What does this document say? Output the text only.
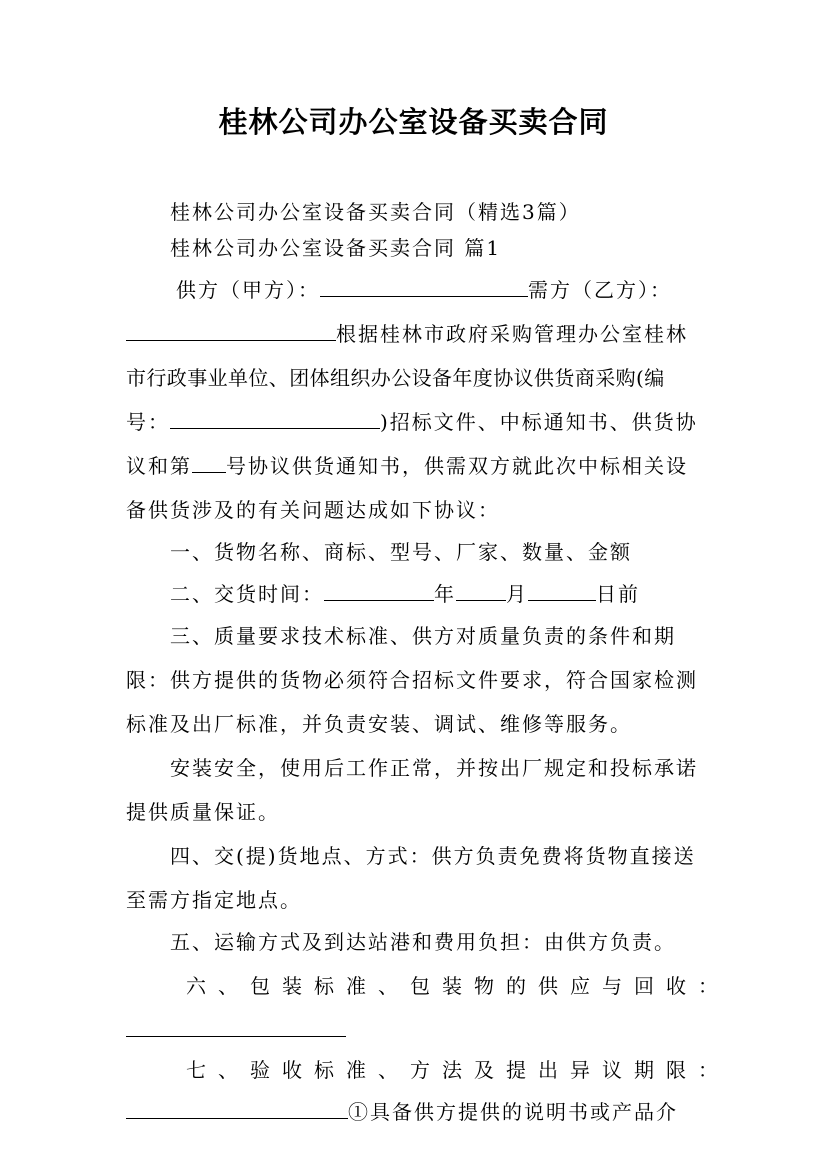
桂林公司办公室设备买卖合同
桂林公司办公室设备买卖合同（精选3篇）
桂林公司办公室设备买卖合同 篇1
供方（甲方）：	需方（乙方）：
根据桂林市政府采购管理办公室桂林
市行政事业单位、团体组织办公设备年度协议供货商采购(编
号：	)招标文件、中标通知书、供货协
议和第 号协议供货通知书，供需双方就此次中标相关设
备供货涉及的有关问题达成如下协议：
一、货物名称、商标、型号、厂家、数量、金额
二、交货时间：	年	月	日前
三、质量要求技术标准、供方对质量负责的条件和期限：供方提供的货物必须符合招标文件要求，符合国家检测标准及出厂标准，并负责安装、调试、维修等服务。
安装安全，使用后工作正常，并按出厂规定和投标承诺提供质量保证。
四、交(提)货地点、方式：供方负责免费将货物直接送至需方指定地点。
五、运输方式及到达站港和费用负担：由供方负责。
六、包装标准、包装物的供应与回收：
七、验收标准、方法及提出异议期限：
①具备供方提供的说明书或产品介
